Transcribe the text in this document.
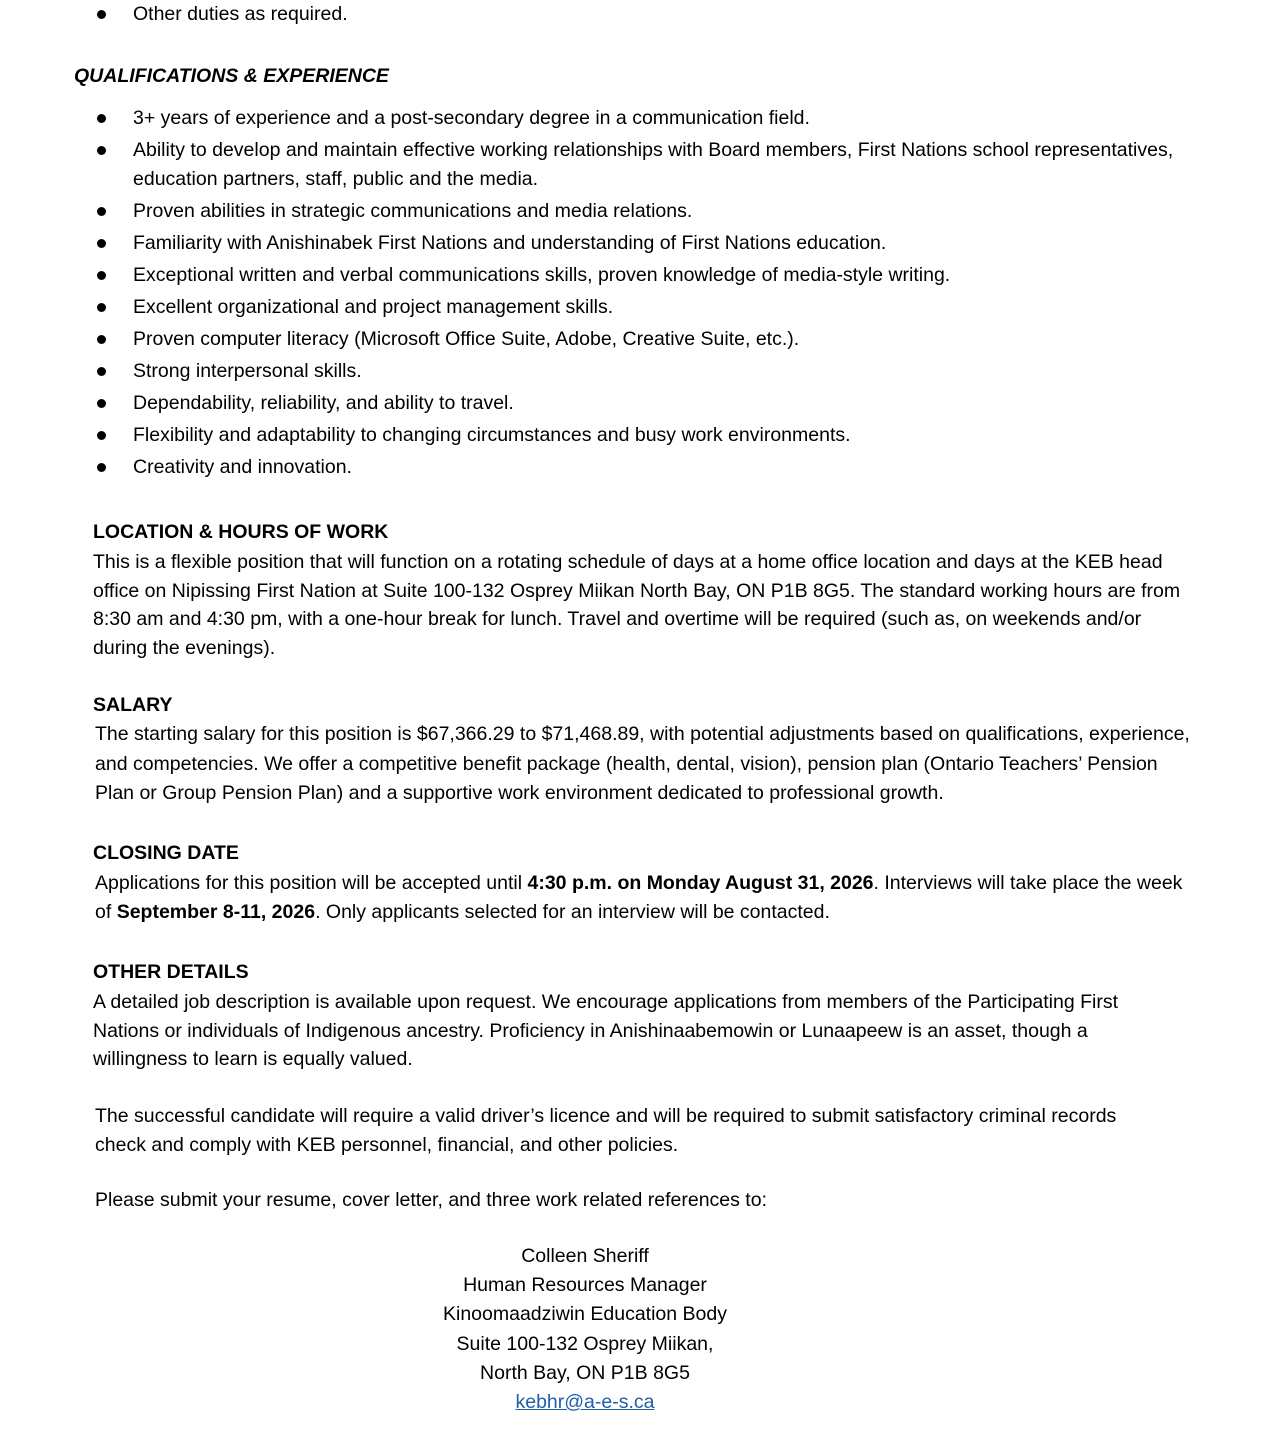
Other duties as required.
QUALIFICATIONS & EXPERIENCE
3+ years of experience and a post-secondary degree in a communication field.
Ability to develop and maintain effective working relationships with Board members, First Nations school representatives, education partners, staff, public and the media.
Proven abilities in strategic communications and media relations.
Familiarity with Anishinabek First Nations and understanding of First Nations education.
Exceptional written and verbal communications skills, proven knowledge of media-style writing.
Excellent organizational and project management skills.
Proven computer literacy (Microsoft Office Suite, Adobe, Creative Suite, etc.).
Strong interpersonal skills.
Dependability, reliability, and ability to travel.
Flexibility and adaptability to changing circumstances and busy work environments.
Creativity and innovation.
LOCATION & HOURS OF WORK

This is a flexible position that will function on a rotating schedule of days at a home office location and days at the KEB head office on Nipissing First Nation at Suite 100-132 Osprey Miikan North Bay, ON P1B 8G5. The standard working hours are from 8:30 am and 4:30 pm, with a one-hour break for lunch. Travel and overtime will be required (such as, on weekends and/or during the evenings).

SALARY

The starting salary for this position is $67,366.29 to $71,468.89, with potential adjustments based on qualifications, experience, and competencies. We offer a competitive benefit package (health, dental, vision), pension plan (Ontario Teachers’ Pension Plan or Group Pension Plan) and a supportive work environment dedicated to professional growth.

CLOSING DATE

Applications for this position will be accepted until 4:30 p.m. on Monday August 31, 2026. Interviews will take place the week of September 8-11, 2026. Only applicants selected for an interview will be contacted.

OTHER DETAILS

A detailed job description is available upon request. We encourage applications from members of the Participating First Nations or individuals of Indigenous ancestry. Proficiency in Anishinaabemowin or Lunaapeew is an asset, though a willingness to learn is equally valued.

The successful candidate will require a valid driver’s licence and will be required to submit satisfactory criminal records check and comply with KEB personnel, financial, and other policies.

Please submit your resume, cover letter, and three work related references to:

Colleen Sheriff
Human Resources Manager
Kinoomaadziwin Education Body
Suite 100-132 Osprey Miikan,
North Bay, ON P1B 8G5
kebhr@a-e-s.ca
